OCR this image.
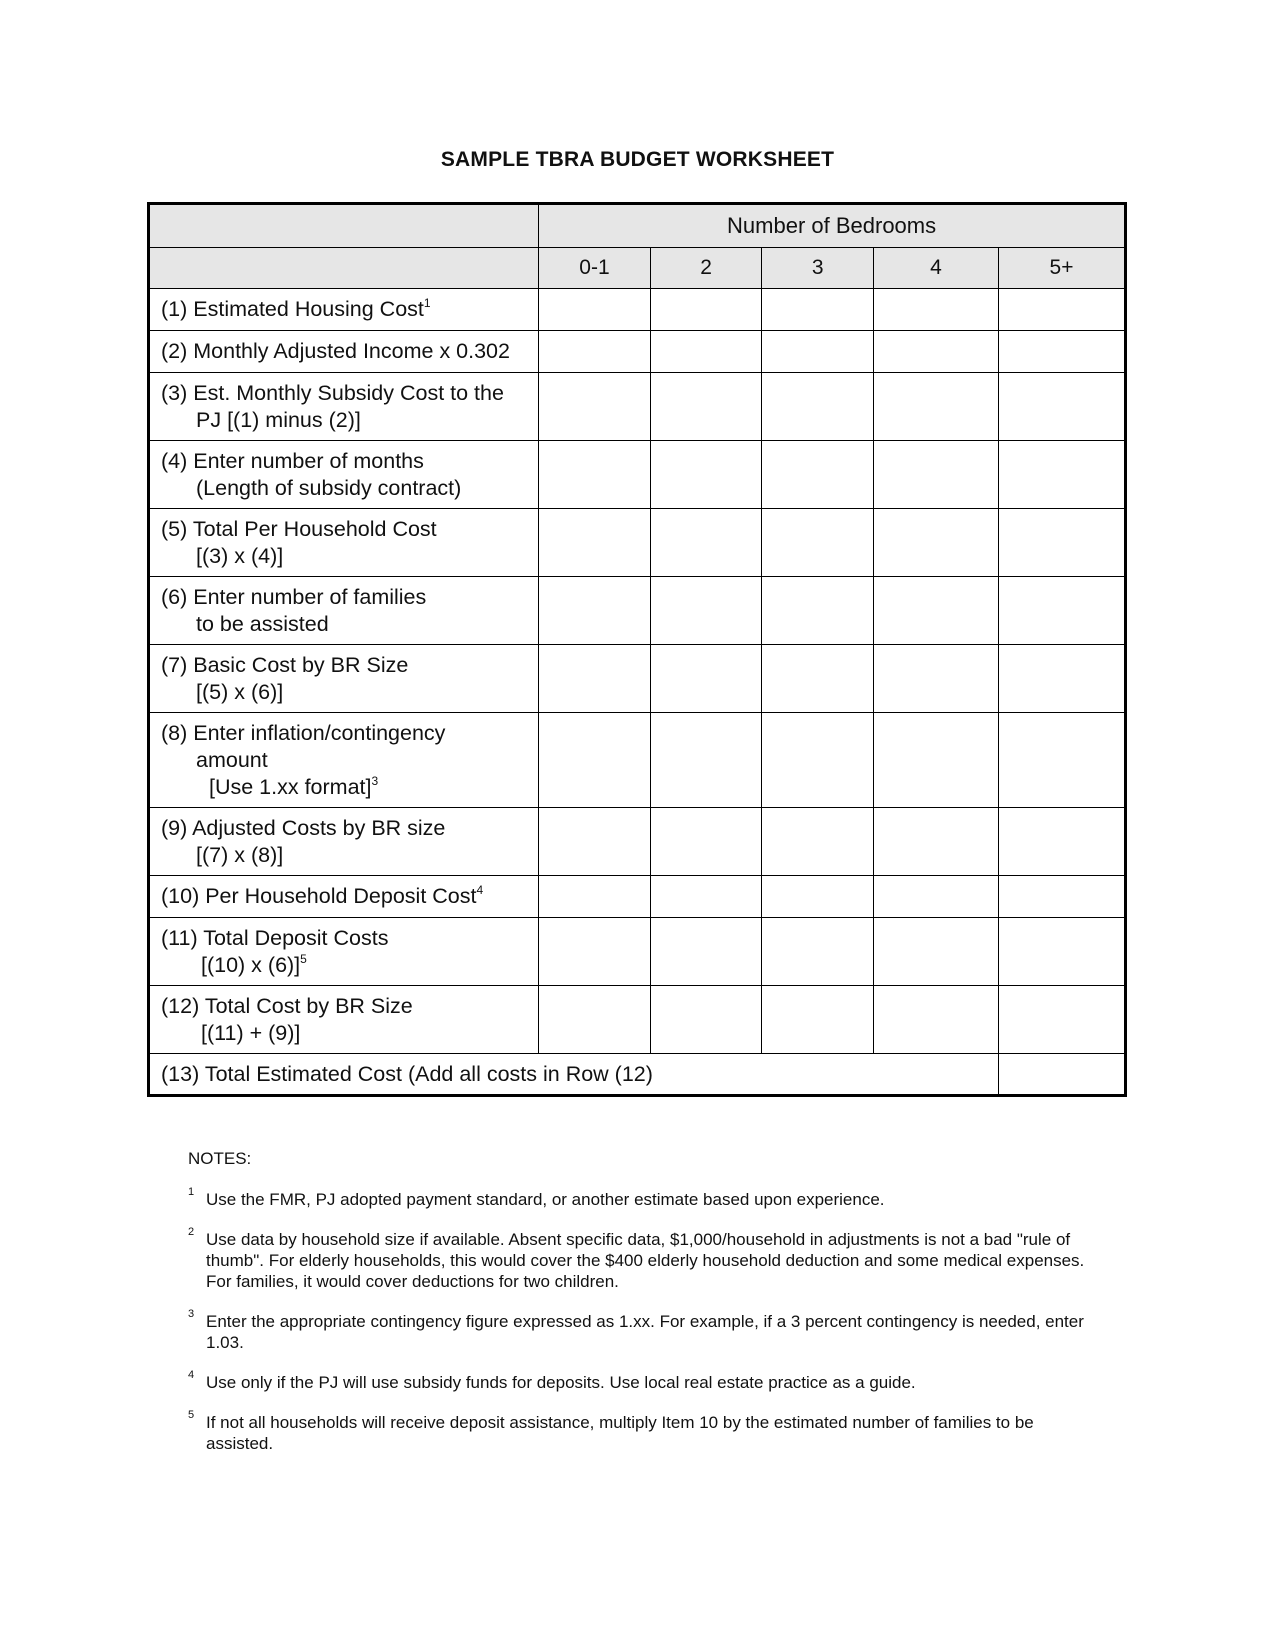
SAMPLE TBRA BUDGET WORKSHEET
	Number of Bedrooms				
	0-1	2	3	4	5+
(1) Estimated Housing Cost$^1$					
(2) Monthly Adjusted Income x 0.302					
(3) Est. Monthly Subsidy Cost to the
PJ [(1) minus (2)]					

(4) Enter number of months
(Length of subsidy contract)					

(5) Total Per Household Cost
[(3) x (4)]					

(6) Enter number of families
to be assisted					

(7) Basic Cost by BR Size
[(5) x (6)]					

(8) Enter inflation/contingency
amount
[Use 1.xx format]$^3$

(9) Adjusted Costs by BR size
[(7) x (8)]					

(10) Per Household Deposit Cost$^4$					
(11) Total Deposit Costs
[(10) x (6)]$^5$

(12) Total Cost by BR Size
[(11) + (9)]					

(13) Total Estimated Cost (Add all costs in Row (12)					
NOTES:
1 Use the FMR, PJ adopted payment standard, or another estimate based upon experience.
2 Use data by household size if available. Absent specific data, $1,000/household in adjustments is not a bad "rule of thumb". For elderly households, this would cover the $400 elderly household deduction and some medical expenses. For families, it would cover deductions for two children.
3 Enter the appropriate contingency figure expressed as 1.xx. For example, if a 3 percent contingency is needed, enter 1.03.
4 Use only if the PJ will use subsidy funds for deposits. Use local real estate practice as a guide.
5 If not all households will receive deposit assistance, multiply Item 10 by the estimated number of families to be assisted.
